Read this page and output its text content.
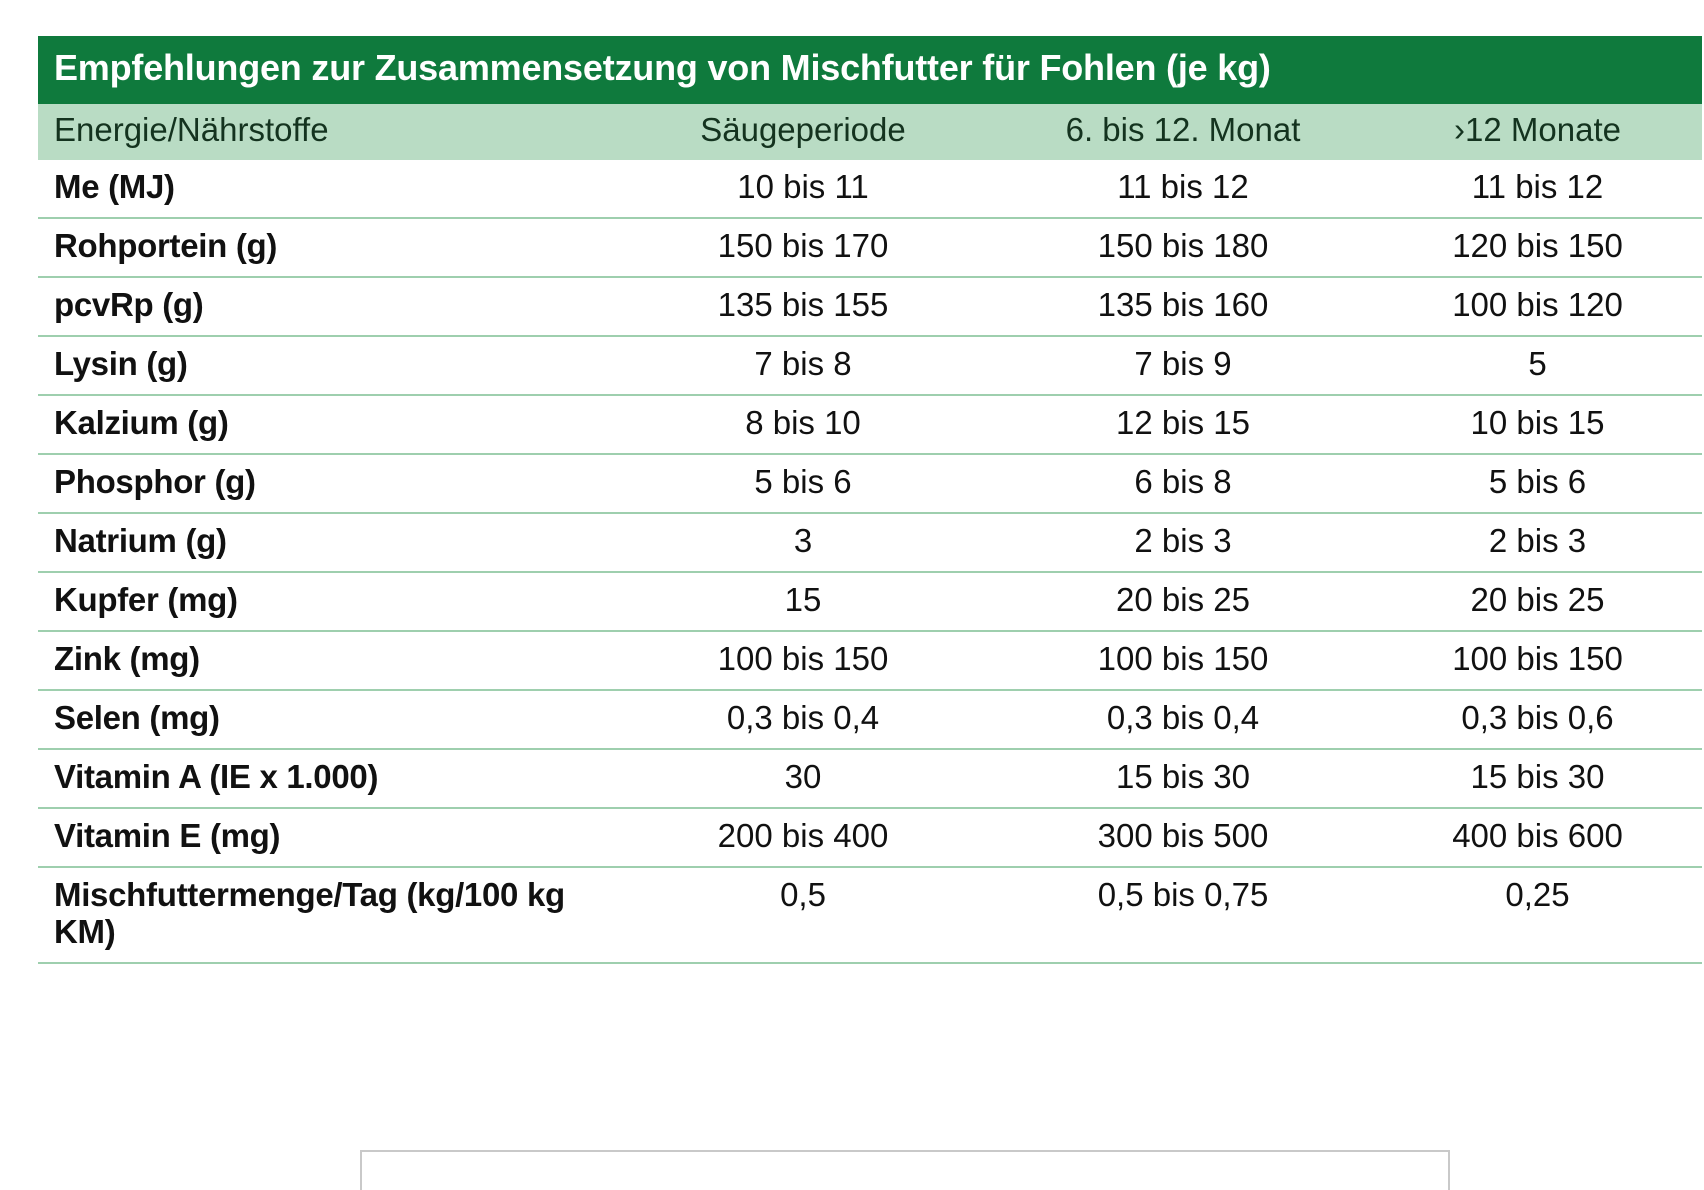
Empfehlungen zur Zusammensetzung von Mischfutter für Fohlen (je kg)			
Energie/Nährstoffe	Säugeperiode	6. bis 12. Monat	›12 Monate
Me (MJ)	10 bis 11	11 bis 12	11 bis 12
Rohportein (g)	150 bis 170	150 bis 180	120 bis 150
pcvRp (g)	135 bis 155	135 bis 160	100 bis 120
Lysin (g)	7 bis 8	7 bis 9	5
Kalzium (g)	8 bis 10	12 bis 15	10 bis 15
Phosphor (g)	5 bis 6	6 bis 8	5 bis 6
Natrium (g)	3	2 bis 3	2 bis 3
Kupfer (mg)	15	20 bis 25	20 bis 25
Zink (mg)	100 bis 150	100 bis 150	100 bis 150
Selen (mg)	0,3 bis 0,4	0,3 bis 0,4	0,3 bis 0,6
Vitamin A (IE x 1.000)	30	15 bis 30	15 bis 30
Vitamin E (mg)	200 bis 400	300 bis 500	400 bis 600
Mischfuttermenge/Tag (kg/100 kg KM)	0,5	0,5 bis 0,75	0,25
